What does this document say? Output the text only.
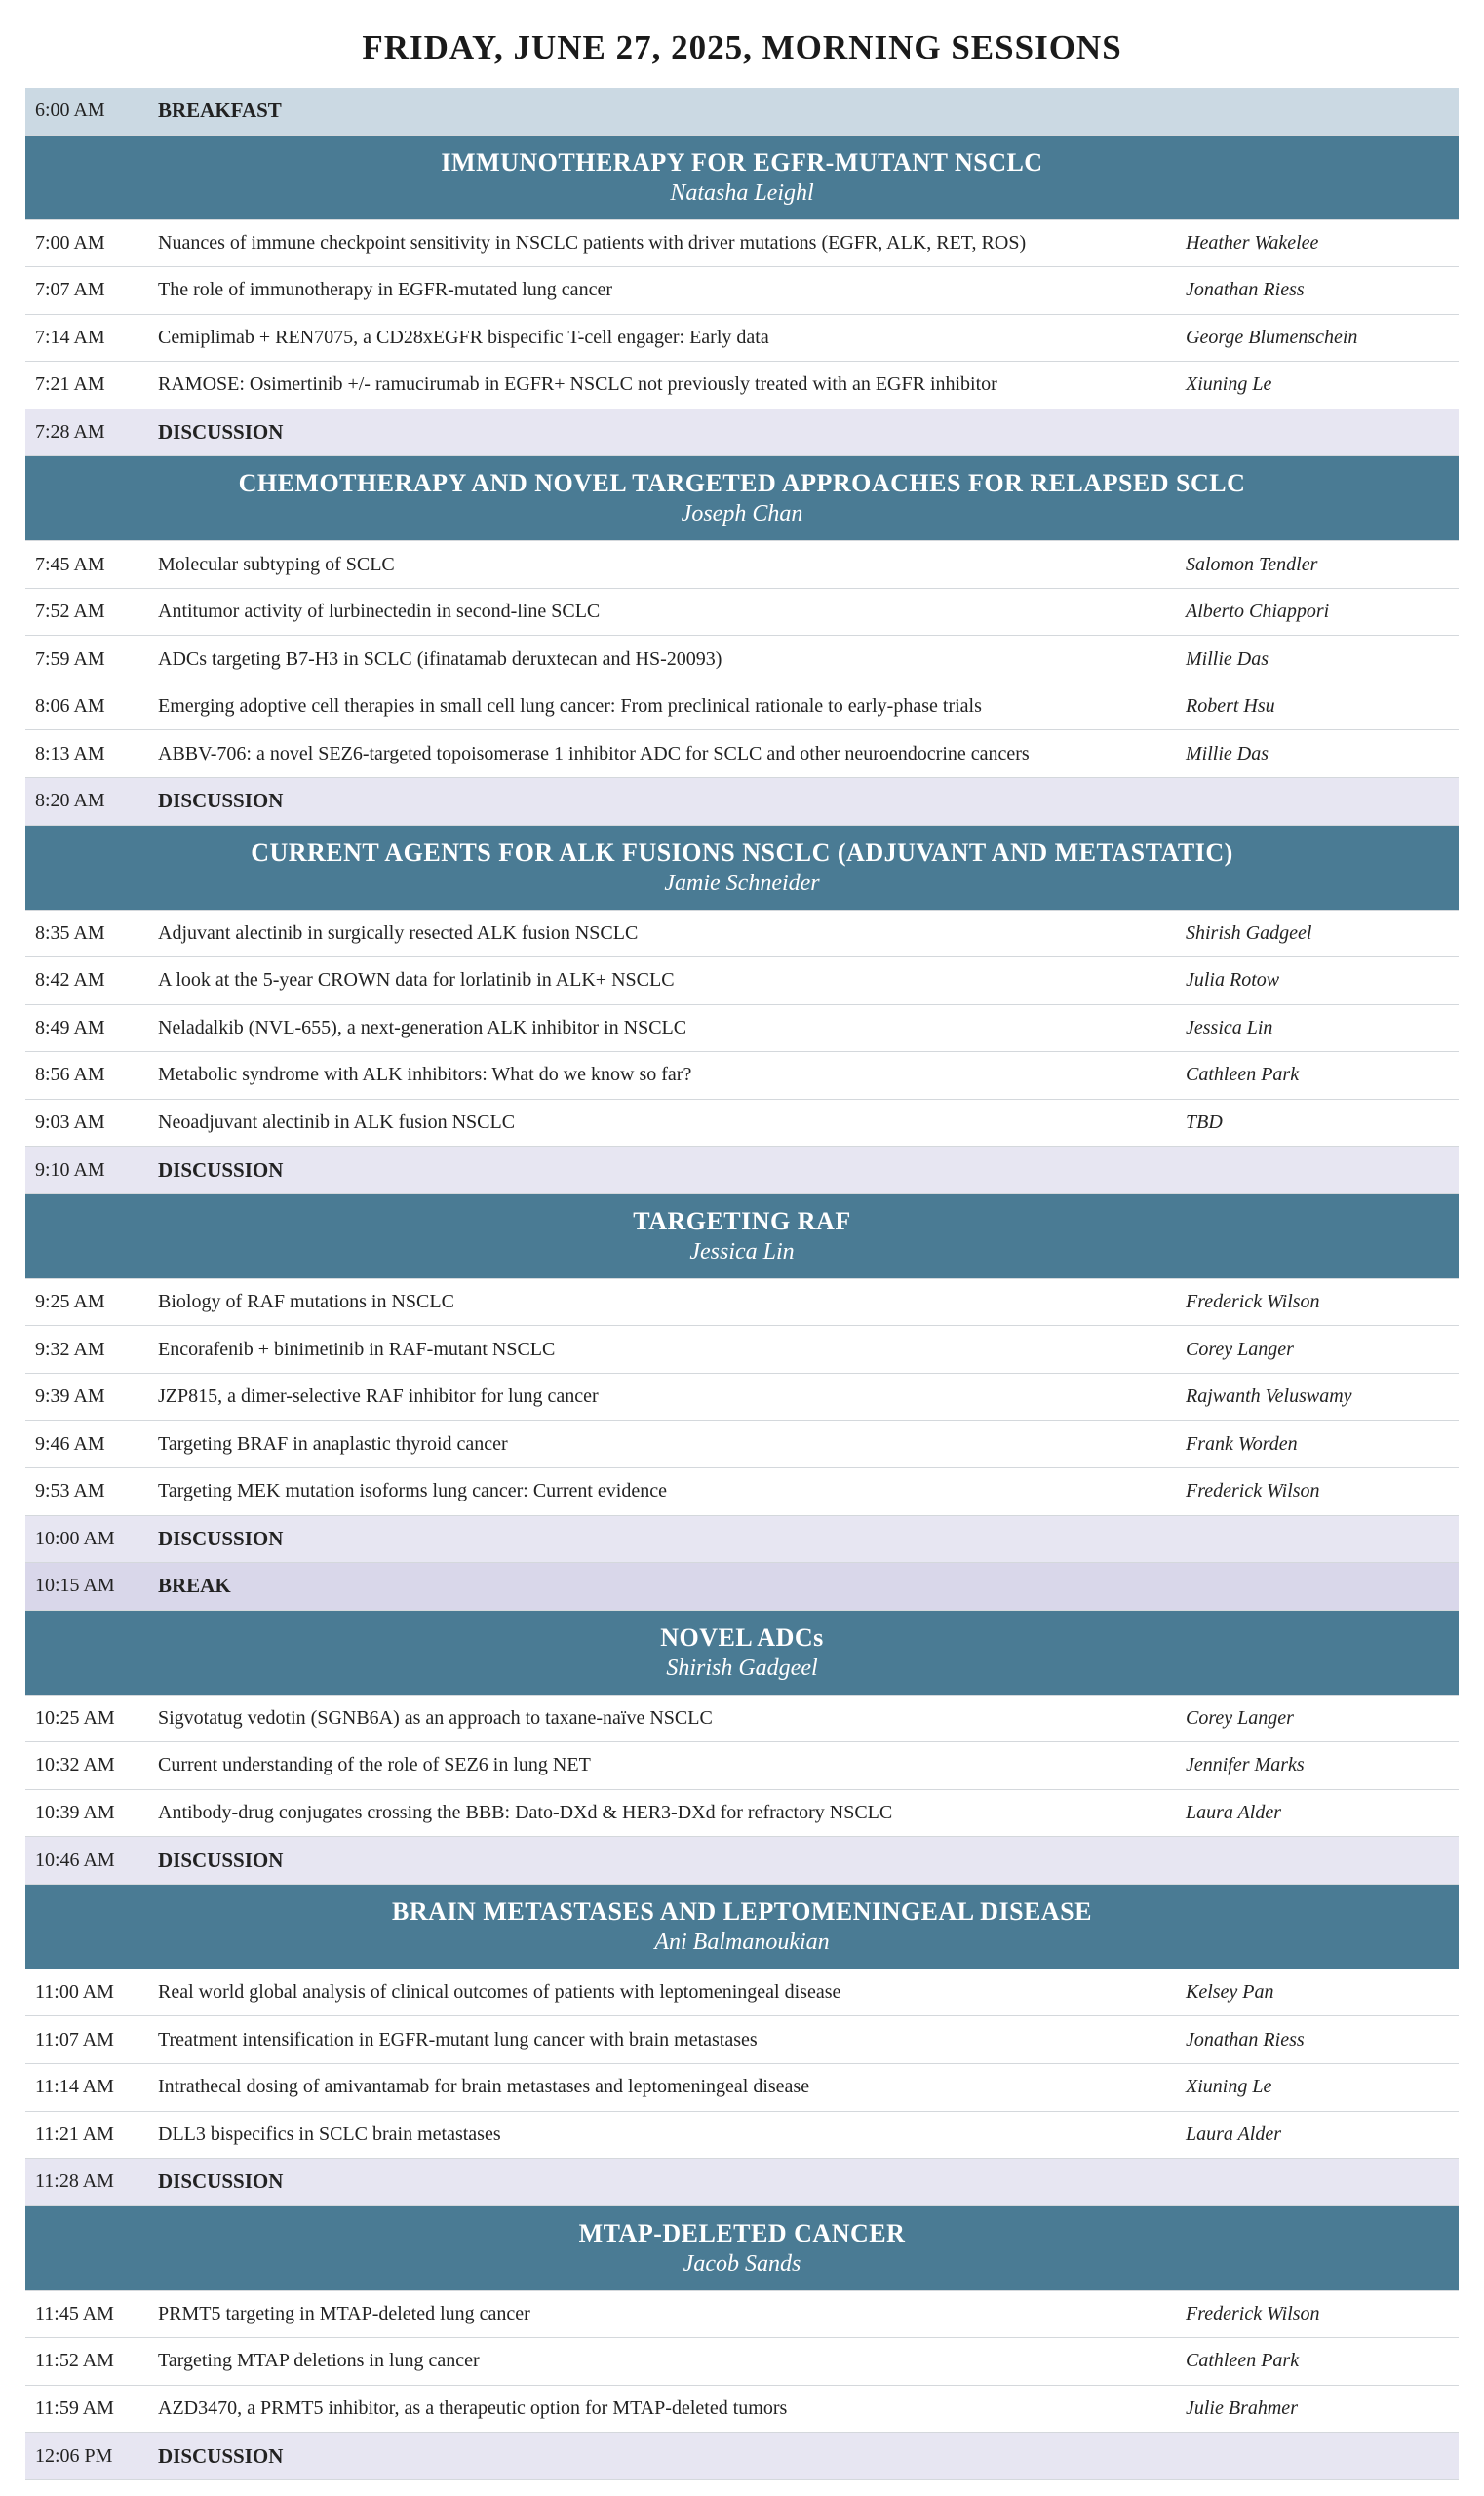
FRIDAY, JUNE 27, 2025, MORNING SESSIONS
6:00 AM	BREAKFAST
IMMUNOTHERAPY FOR EGFR-MUTANT NSCLC
Natasha Leighl
7:00 AM	Nuances of immune checkpoint sensitivity in NSCLC patients with driver mutations (EGFR, ALK, RET, ROS)	Heather Wakelee
7:07 AM	The role of immunotherapy in EGFR-mutated lung cancer	Jonathan Riess
7:14 AM	Cemiplimab + REN7075, a CD28xEGFR bispecific T-cell engager: Early data	George Blumenschein
7:21 AM	RAMOSE: Osimertinib +/- ramucirumab in EGFR+ NSCLC not previously treated with an EGFR inhibitor	Xiuning Le
7:28 AM	DISCUSSION
CHEMOTHERAPY AND NOVEL TARGETED APPROACHES FOR RELAPSED SCLC
Joseph Chan
7:45 AM	Molecular subtyping of SCLC	Salomon Tendler
7:52 AM	Antitumor activity of lurbinectedin in second-line SCLC	Alberto Chiappori
7:59 AM	ADCs targeting B7-H3 in SCLC (ifinatamab deruxtecan and HS-20093)	Millie Das
8:06 AM	Emerging adoptive cell therapies in small cell lung cancer: From preclinical rationale to early-phase trials	Robert Hsu
8:13 AM	ABBV-706: a novel SEZ6-targeted topoisomerase 1 inhibitor ADC for SCLC and other neuroendocrine cancers	Millie Das
8:20 AM	DISCUSSION
CURRENT AGENTS FOR ALK FUSIONS NSCLC (ADJUVANT AND METASTATIC)
Jamie Schneider
8:35 AM	Adjuvant alectinib in surgically resected ALK fusion NSCLC	Shirish Gadgeel
8:42 AM	A look at the 5-year CROWN data for lorlatinib in ALK+ NSCLC	Julia Rotow
8:49 AM	Neladalkib (NVL-655), a next-generation ALK inhibitor in NSCLC	Jessica Lin
8:56 AM	Metabolic syndrome with ALK inhibitors: What do we know so far?	Cathleen Park
9:03 AM	Neoadjuvant alectinib in ALK fusion NSCLC	TBD
9:10 AM	DISCUSSION
TARGETING RAF
Jessica Lin
9:25 AM	Biology of RAF mutations in NSCLC	Frederick Wilson
9:32 AM	Encorafenib + binimetinib in RAF-mutant NSCLC	Corey Langer
9:39 AM	JZP815, a dimer-selective RAF inhibitor for lung cancer	Rajwanth Veluswamy
9:46 AM	Targeting BRAF in anaplastic thyroid cancer	Frank Worden
9:53 AM	Targeting MEK mutation isoforms lung cancer: Current evidence	Frederick Wilson
10:00 AM	DISCUSSION
10:15 AM	BREAK
NOVEL ADCs
Shirish Gadgeel
10:25 AM	Sigvotatug vedotin (SGNB6A) as an approach to taxane-naïve NSCLC	Corey Langer
10:32 AM	Current understanding of the role of SEZ6 in lung NET	Jennifer Marks
10:39 AM	Antibody-drug conjugates crossing the BBB: Dato-DXd & HER3-DXd for refractory NSCLC	Laura Alder
10:46 AM	DISCUSSION
BRAIN METASTASES AND LEPTOMENINGEAL DISEASE
Ani Balmanoukian
11:00 AM	Real world global analysis of clinical outcomes of patients with leptomeningeal disease	Kelsey Pan
11:07 AM	Treatment intensification in EGFR-mutant lung cancer with brain metastases	Jonathan Riess
11:14 AM	Intrathecal dosing of amivantamab for brain metastases and leptomeningeal disease	Xiuning Le
11:21 AM	DLL3 bispecifics in SCLC brain metastases	Laura Alder
11:28 AM	DISCUSSION
MTAP-DELETED CANCER
Jacob Sands
11:45 AM	PRMT5 targeting in MTAP-deleted lung cancer	Frederick Wilson
11:52 AM	Targeting MTAP deletions in lung cancer	Cathleen Park
11:59 AM	AZD3470, a PRMT5 inhibitor, as a therapeutic option for MTAP-deleted tumors	Julie Brahmer
12:06 PM	DISCUSSION
